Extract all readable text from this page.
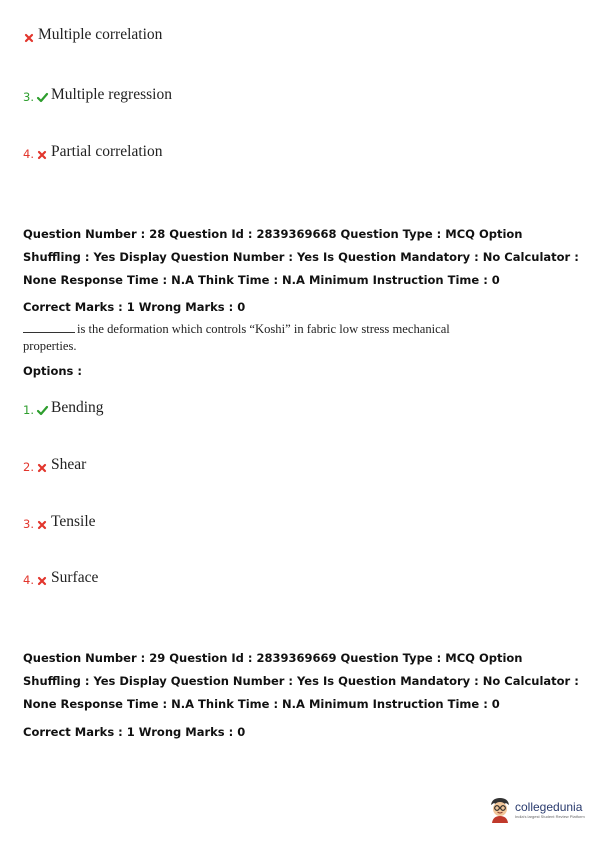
Multiple correlation
3. Multiple regression
4. Partial correlation

Question Number : 28 Question Id : 2839369668 Question Type : MCQ Option Shuffling : Yes Display Question Number : Yes Is Question Mandatory : No Calculator : None Response Time : N.A Think Time : N.A Minimum Instruction Time : 0

Correct Marks : 1 Wrong Marks : 0

is the deformation which controls “Koshi” in fabric low stress mechanical properties.

Options :

1. Bending
2. Shear
3. Tensile
4. Surface

Question Number : 29 Question Id : 2839369669 Question Type : MCQ Option Shuffling : Yes Display Question Number : Yes Is Question Mandatory : No Calculator : None Response Time : N.A Think Time : N.A Minimum Instruction Time : 0

Correct Marks : 1 Wrong Marks : 0

collegedunia
India's largest Student Review Platform
